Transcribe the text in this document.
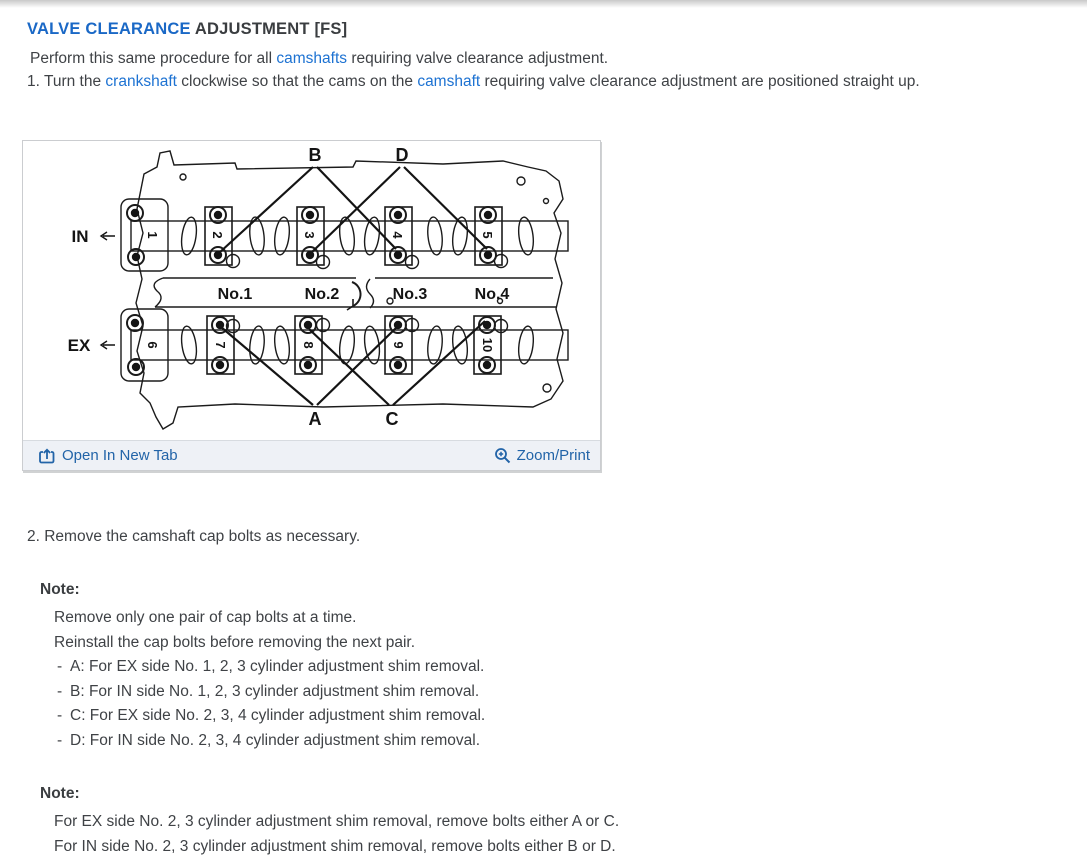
VALVE CLEARANCE ADJUSTMENT [FS]
Perform this same procedure for all camshafts requiring valve clearance adjustment.
1. Turn the crankshaft clockwise so that the cams on the camshaft requiring valve clearance adjustment are positioned straight up.
No.1	No.2	No.3	No.4
1	2	3	4	5
6	7	8	9	10
B	D
A	C
IN
EX
Open In New Tab	Zoom/Print
2. Remove the camshaft cap bolts as necessary.
Note:
Remove only one pair of cap bolts at a time.
Reinstall the cap bolts before removing the next pair.
- A: For EX side No. 1, 2, 3 cylinder adjustment shim removal.
- B: For IN side No. 1, 2, 3 cylinder adjustment shim removal.
- C: For EX side No. 2, 3, 4 cylinder adjustment shim removal.
- D: For IN side No. 2, 3, 4 cylinder adjustment shim removal.
Note:
For EX side No. 2, 3 cylinder adjustment shim removal, remove bolts either A or C.
For IN side No. 2, 3 cylinder adjustment shim removal, remove bolts either B or D.
